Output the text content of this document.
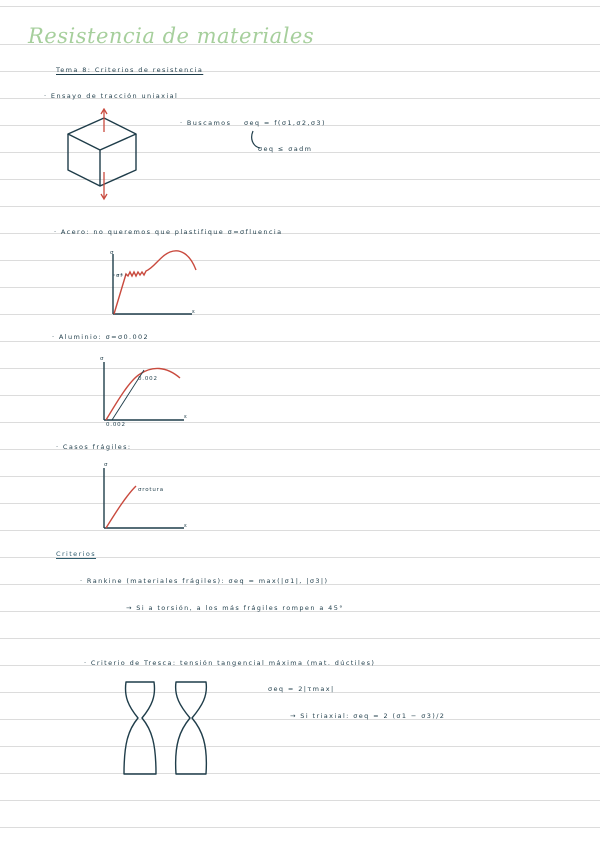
Resistencia de materiales
Tema 8: Criterios de resistencia
· Ensayo de tracción uniaxial
· Buscamos σeq = f(σ1,σ2,σ3)
σeq ≤ σadm
· Acero: no queremos que plastifique σ=σfluencia
σ
σf
ε
· Aluminio: σ=σ0.002
σ
0.002
ε
0.002
· Casos frágiles:
σ
σrotura
ε
Criterios
· Rankine (materiales frágiles): σeq = max(|σ1|, |σ3|)
→ Si a torsión, a los más frágiles rompen a 45°
· Criterio de Tresca: tensión tangencial máxima (mat. dúctiles)
σeq = 2|τmax|
→ Si triaxial: σeq = 2 (σ1 − σ3)/2
